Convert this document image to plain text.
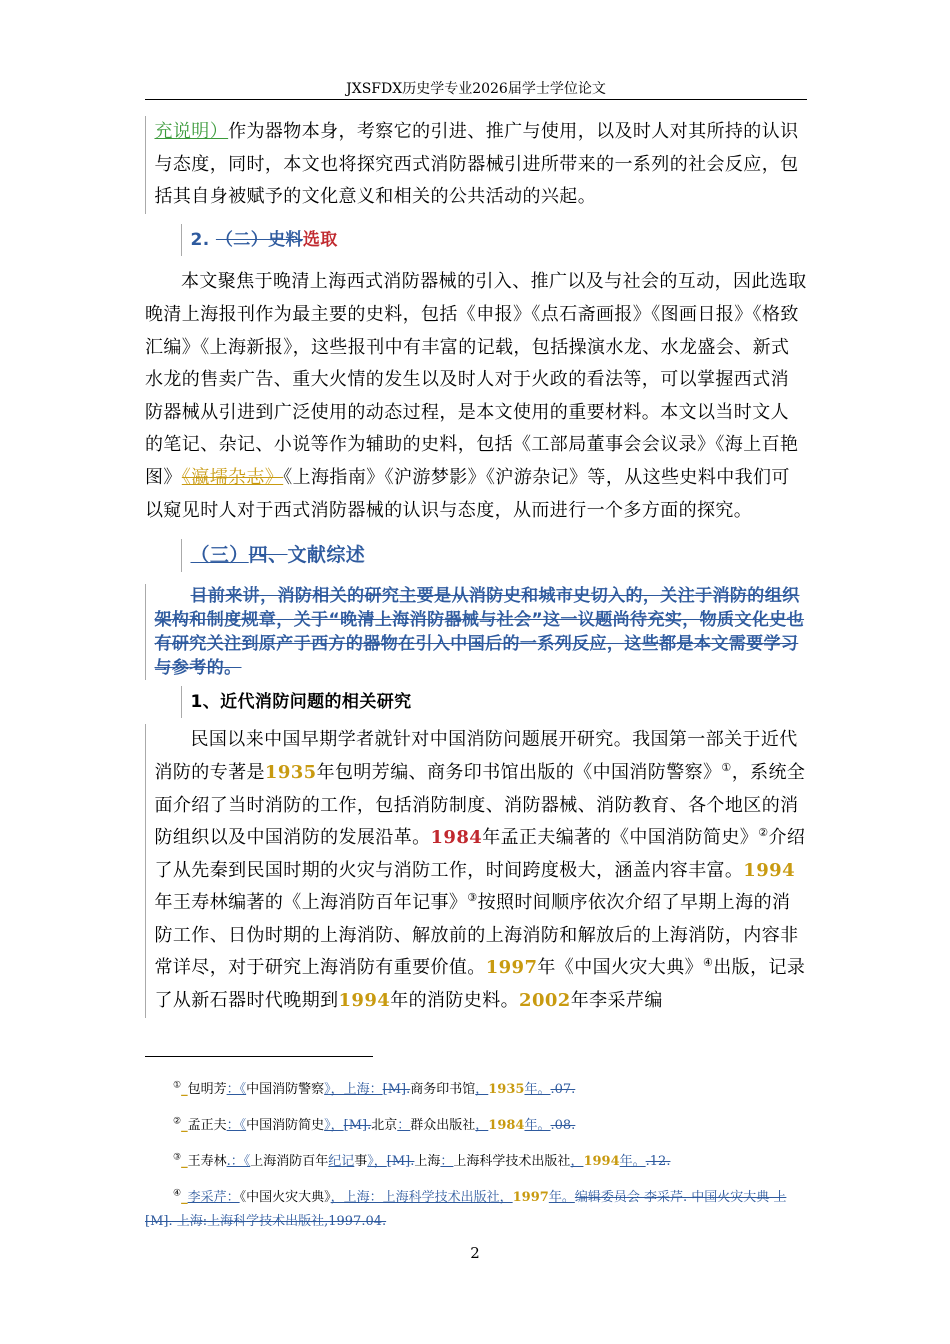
JXSFDX历史学专业2026届学士学位论文

充说明）作为器物本身，考察它的引进、推广与使用，以及时人对其所持的认识与态度，同时，本文也将探究西式消防器械引进所带来的一系列的社会反应，包括其自身被赋予的文化意义和相关的公共活动的兴起。

2. （二）史料选取

本文聚焦于晚清上海西式消防器械的引入、推广以及与社会的互动，因此选取晚清上海报刊作为最主要的史料，包括《申报》《点石斋画报》《图画日报》《格致汇编》《上海新报》，这些报刊中有丰富的记载，包括操演水龙、水龙盛会、新式水龙的售卖广告、重大火情的发生以及时人对于火政的看法等，可以掌握西式消防器械从引进到广泛使用的动态过程，是本文使用的重要材料。本文以当时文人的笔记、杂记、小说等作为辅助的史料，包括《工部局董事会会议录》《海上百艳图》《瀛壖杂志》《上海指南》《沪游梦影》《沪游杂记》等，从这些史料中我们可以窥见时人对于西式消防器械的认识与态度，从而进行一个多方面的探究。

（三）四、文献综述

目前来讲，消防相关的研究主要是从消防史和城市史切入的，关注于消防的组织架构和制度规章，关于“晚清上海消防器械与社会”这一议题尚待充实，物质文化史也有研究关注到原产于西方的器物在引入中国后的一系列反应，这些都是本文需要学习与参考的。

1、近代消防问题的相关研究

民国以来中国早期学者就针对中国消防问题展开研究。我国第一部关于近代消防的专著是1935年包明芳编、商务印书馆出版的《中国消防警察》①，系统全面介绍了当时消防的工作，包括消防制度、消防器械、消防教育、各个地区的消防组织以及中国消防的发展沿革。1984年孟正夫编著的《中国消防简史》②介绍了从先秦到民国时期的火灾与消防工作，时间跨度极大，涵盖内容丰富。1994年王寿林编著的《上海消防百年记事》③按照时间顺序依次介绍了早期上海的消防工作、日伪时期的上海消防、解放前的上海消防和解放后的上海消防，内容非常详尽，对于研究上海消防有重要价值。1997年《中国火灾大典》④出版，记录了从新石器时代晚期到1994年的消防史料。2002年李采芹编

①_包明芳：《中国消防警察》，上海：[M].商务印书馆，1935年。.07.

②_孟正夫：《中国消防简史》，[M].北京：群众出版社，1984年。.08.

③_王寿林.：《上海消防百年纪记事》，[M].上海：上海科学技术出版社，1994年。.12.

④_李采芹：《中国火灾大典》，上海：上海科学技术出版社，1997年。编辑委员会 李采芹. 中国火灾大典 上[M]. 上海:上海科学技术出版社,1997.04.

2
